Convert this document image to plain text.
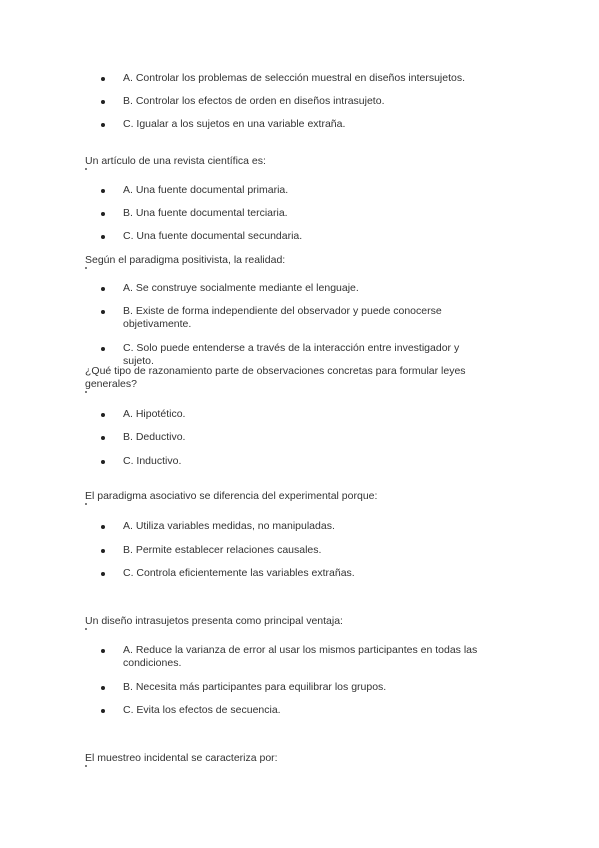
A. Controlar los problemas de selección muestral en diseños intersujetos.
B. Controlar los efectos de orden en diseños intrasujeto.
C. Igualar a los sujetos en una variable extraña.
Un artículo de una revista científica es:
A. Una fuente documental primaria.
B. Una fuente documental terciaria.
C. Una fuente documental secundaria.
Según el paradigma positivista, la realidad:
A. Se construye socialmente mediante el lenguaje.
B. Existe de forma independiente del observador y puede conocerse objetivamente.
C. Solo puede entenderse a través de la interacción entre investigador y sujeto.
¿Qué tipo de razonamiento parte de observaciones concretas para formular leyes generales?
A. Hipotético.
B. Deductivo.
C. Inductivo.
El paradigma asociativo se diferencia del experimental porque:
A. Utiliza variables medidas, no manipuladas.
B. Permite establecer relaciones causales.
C. Controla eficientemente las variables extrañas.
Un diseño intrasujetos presenta como principal ventaja:
A. Reduce la varianza de error al usar los mismos participantes en todas las condiciones.
B. Necesita más participantes para equilibrar los grupos.
C. Evita los efectos de secuencia.
El muestreo incidental se caracteriza por:
